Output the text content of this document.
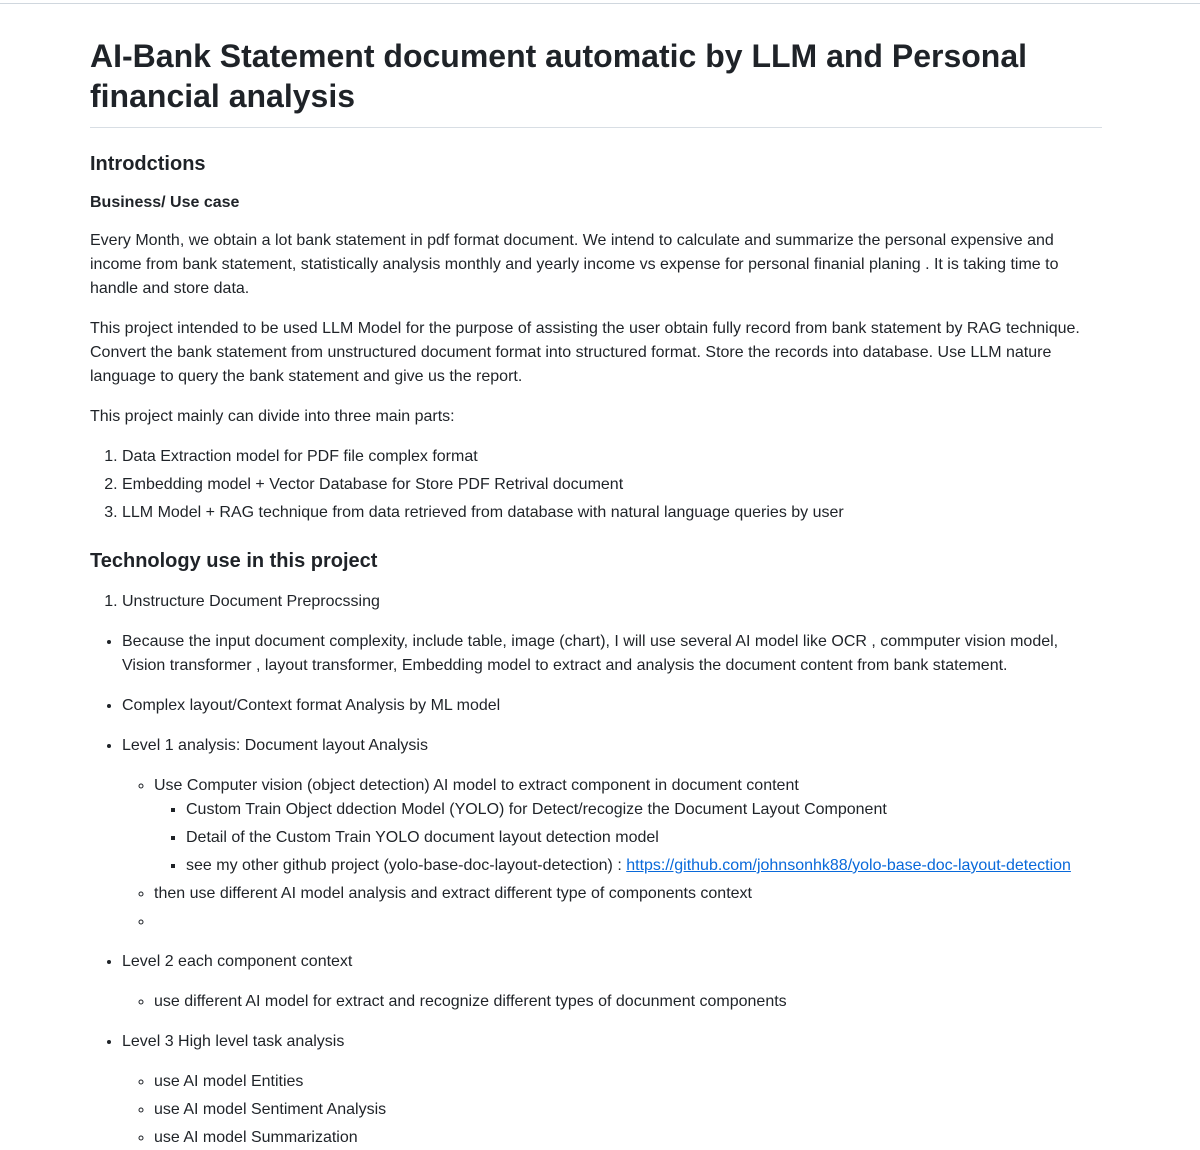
AI-Bank Statement document automatic by LLM and Personal financial analysis
Introdctions
Business/ Use case

Every Month, we obtain a lot bank statement in pdf format document. We intend to calculate and summarize the personal expensive and income from bank statement, statistically analysis monthly and yearly income vs expense for personal finanial planing . It is taking time to handle and store data.

This project intended to be used LLM Model for the purpose of assisting the user obtain fully record from bank statement by RAG technique. Convert the bank statement from unstructured document format into structured format. Store the records into database. Use LLM nature language to query the bank statement and give us the report.

This project mainly can divide into three main parts:

1. Data Extraction model for PDF file complex format
2. Embedding model + Vector Database for Store PDF Retrival document
3. LLM Model + RAG technique from data retrieved from database with natural language queries by user
Technology use in this project
1. Unstructure Document Preprocssing
• Because the input document complexity, include table, image (chart), I will use several AI model like OCR , commputer vision model, Vision transformer , layout transformer, Embedding model to extract and analysis the document content from bank statement.
• Complex layout/Context format Analysis by ML model
• Level 1 analysis: Document layout Analysis
◦ Use Computer vision (object detection) AI model to extract component in document content
▪ Custom Train Object ddection Model (YOLO) for Detect/recogize the Document Layout Component
▪ Detail of the Custom Train YOLO document layout detection model
▪ see my other github project (yolo-base-doc-layout-detection) : https://github.com/johnsonhk88/yolo-base-doc-layout-detection
◦ then use different AI model analysis and extract different type of components context
◦
• Level 2 each component context
◦ use different AI model for extract and recognize different types of docunment components
• Level 3 High level task analysis
◦ use AI model Entities
◦ use AI model Sentiment Analysis
◦ use AI model Summarization
